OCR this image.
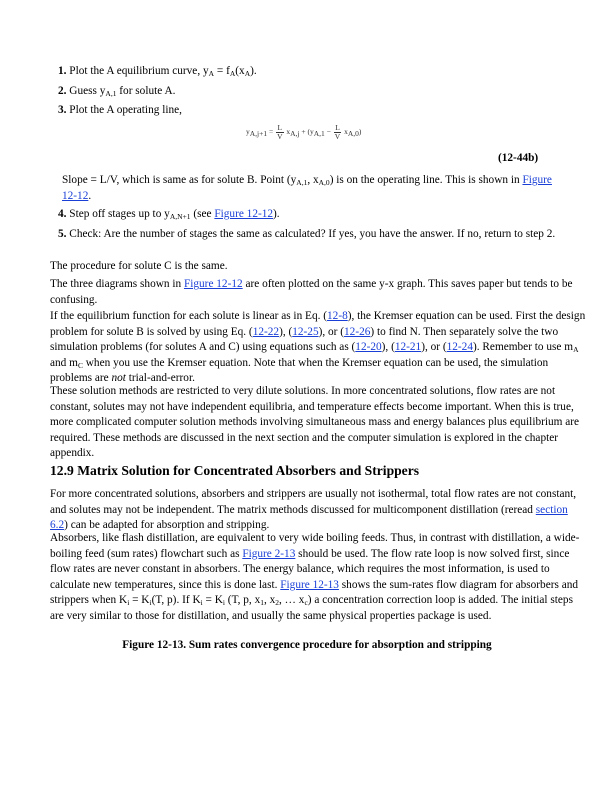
1. Plot the A equilibrium curve, $y_A = f_A(x_A)$.

2. Guess $y_{A,1}$ for solute A.

3. Plot the A operating line,

$y_{A,j+1} = \frac{L}{V} x_{A,j} + (y_{A,1} - \frac{L}{V} x_{A,0})$
(12-44b)

Slope = L/V, which is same as for solute B. Point ($y_{A,1}$, $x_{A,0}$) is on the operating line. This is shown in Figure 12-12.

4. Step off stages up to $y_{A,N+1}$ (see Figure 12-12).

5. Check: Are the number of stages the same as calculated? If yes, you have the answer. If no, return to step 2.

The procedure for solute C is the same.

The three diagrams shown in Figure 12-12 are often plotted on the same y-x graph. This saves paper but tends to be confusing.

If the equilibrium function for each solute is linear as in Eq. (12-8), the Kremser equation can be used. First the design problem for solute B is solved by using Eq. (12-22), (12-25), or (12-26) to find N. Then separately solve the two simulation problems (for solutes A and C) using equations such as (12-20), (12-21), or (12-24). Remember to use $m_A$ and $m_C$ when you use the Kremser equation. Note that when the Kremser equation can be used, the simulation problems are not trial-and-error.

These solution methods are restricted to very dilute solutions. In more concentrated solutions, flow rates are not constant, solutes may not have independent equilibria, and temperature effects become important. When this is true, more complicated computer solution methods involving simultaneous mass and energy balances plus equilibrium are required. These methods are discussed in the next section and the computer simulation is explored in the chapter appendix.

12.9 Matrix Solution for Concentrated Absorbers and Strippers

For more concentrated solutions, absorbers and strippers are usually not isothermal, total flow rates are not constant, and solutes may not be independent. The matrix methods discussed for multicomponent distillation (reread section 6.2) can be adapted for absorption and stripping.

Absorbers, like flash distillation, are equivalent to very wide boiling feeds. Thus, in contrast with distillation, a wide-boiling feed (sum rates) flowchart such as Figure 2-13 should be used. The flow rate loop is now solved first, since flow rates are never constant in absorbers. The energy balance, which requires the most information, is used to calculate new temperatures, since this is done last. Figure 12-13 shows the sum-rates flow diagram for absorbers and strippers when $K_i = K_i(T$, p). If $K_i = K_i$ (T, p, $x_1$, $x_2$, … $x_c$) a concentration correction loop is added. The initial steps are very similar to those for distillation, and usually the same physical properties package is used.

Figure 12-13. Sum rates convergence procedure for absorption and stripping
